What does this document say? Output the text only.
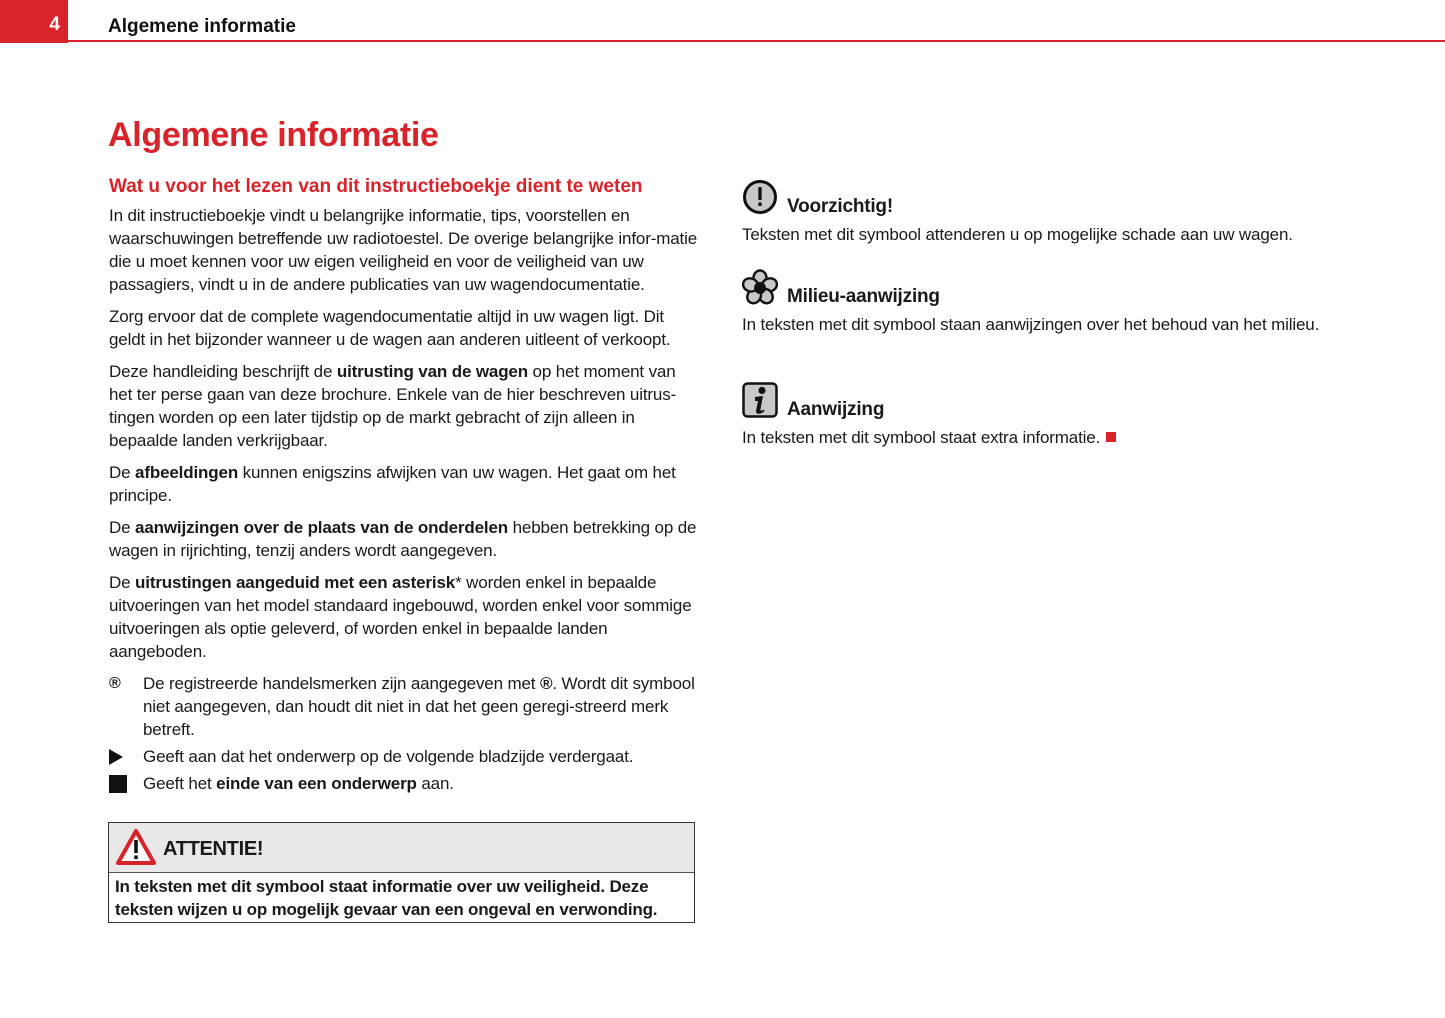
4	Algemene informatie
Algemene informatie
Wat u voor het lezen van dit instructieboekje dient te weten

In dit instructieboekje vindt u belangrijke informatie, tips, voorstellen en waarschuwingen betreffende uw radiotoestel. De overige belangrijke infor-matie die u moet kennen voor uw eigen veiligheid en voor de veiligheid van uw passagiers, vindt u in de andere publicaties van uw wagendocumentatie.

Zorg ervoor dat de complete wagendocumentatie altijd in uw wagen ligt. Dit geldt in het bijzonder wanneer u de wagen aan anderen uitleent of verkoopt.

Deze handleiding beschrijft de uitrusting van de wagen op het moment van het ter perse gaan van deze brochure. Enkele van de hier beschreven uitrus-tingen worden op een later tijdstip op de markt gebracht of zijn alleen in bepaalde landen verkrijgbaar.

De afbeeldingen kunnen enigszins afwijken van uw wagen. Het gaat om het principe.

De aanwijzingen over de plaats van de onderdelen hebben betrekking op de wagen in rijrichting, tenzij anders wordt aangegeven.

De uitrustingen aangeduid met een asterisk* worden enkel in bepaalde uitvoeringen van het model standaard ingebouwd, worden enkel voor sommige uitvoeringen als optie geleverd, of worden enkel in bepaalde landen aangeboden.

®	De registreerde handelsmerken zijn aangegeven met ®. Wordt dit symbool niet aangegeven, dan houdt dit niet in dat het geen geregi-streerd merk betreft.
Geeft aan dat het onderwerp op de volgende bladzijde verdergaat.
Geeft het einde van een onderwerp aan.
ATTENTIE!
In teksten met dit symbool staat informatie over uw veiligheid. Deze teksten wijzen u op mogelijk gevaar van een ongeval en verwonding.
Voorzichtig!
Teksten met dit symbool attenderen u op mogelijke schade aan uw wagen.
Milieu-aanwijzing
In teksten met dit symbool staan aanwijzingen over het behoud van het milieu.
Aanwijzing
In teksten met dit symbool staat extra informatie.
